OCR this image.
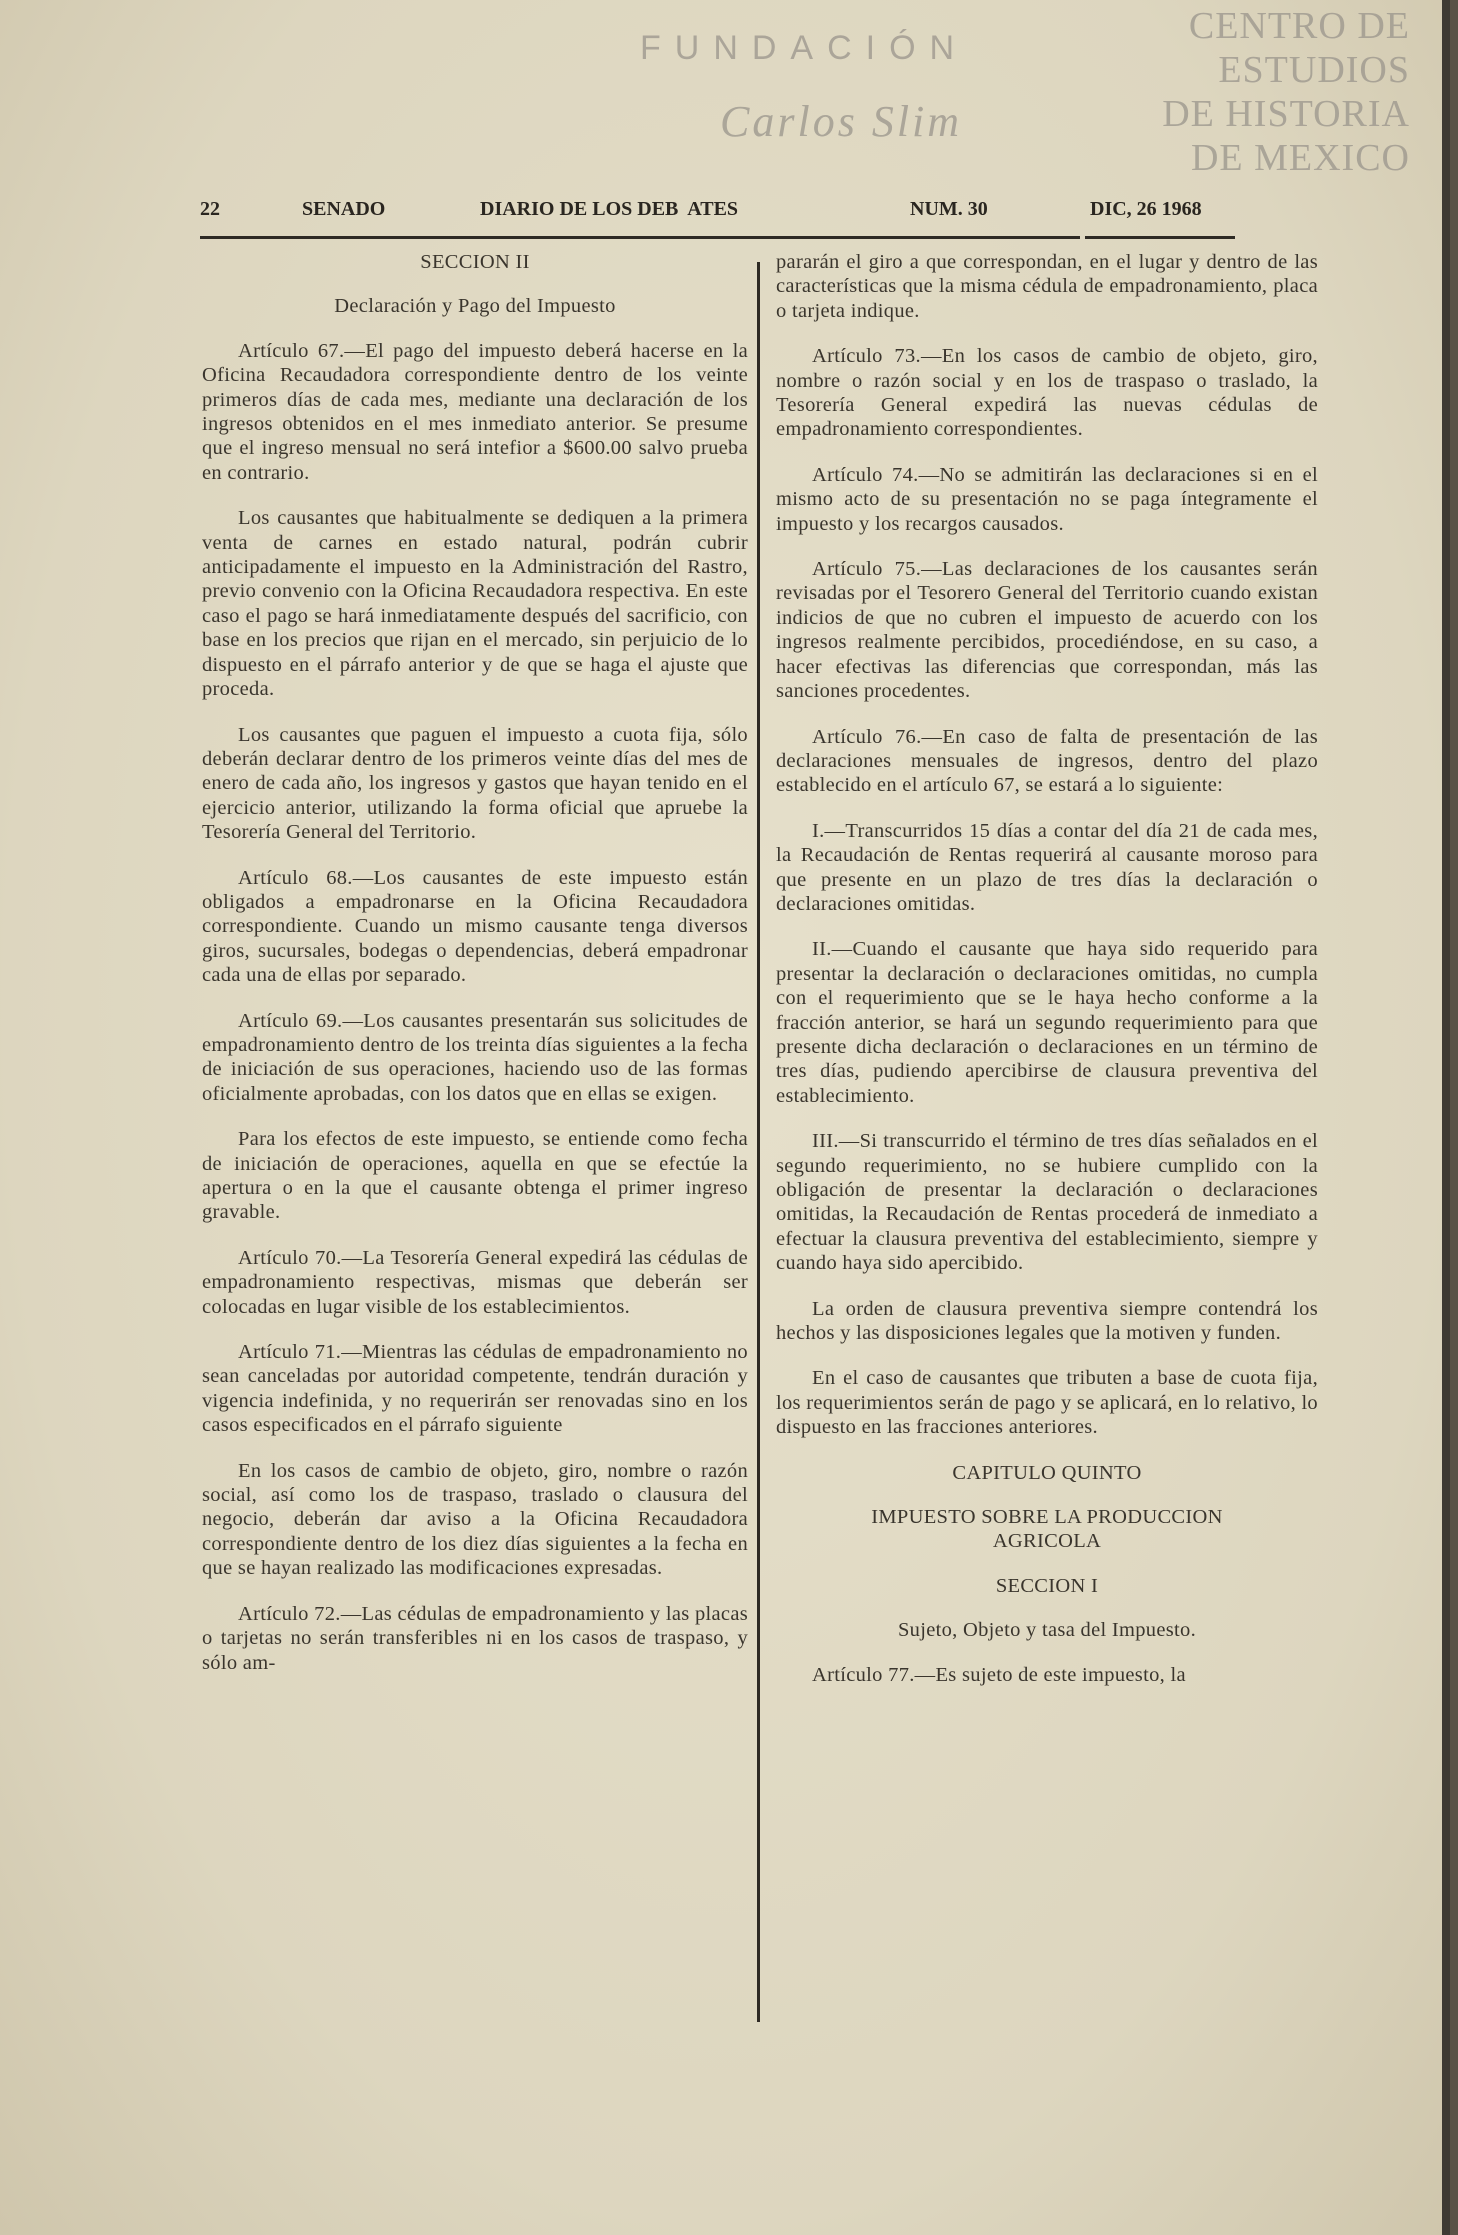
CENTRO DE
ESTUDIOS
DE HISTORIA
DE MEXICO
FUNDACIÓN
Carlos Slim
22	SENADO	DIARIO DE LOS DEB  ATES	NUM. 30	DIC, 26 1968

SECCION II

Declaración y Pago del Impuesto

Artículo 67.—El pago del impuesto deberá hacerse en la Oficina Recaudadora correspondiente dentro de los veinte primeros días de cada mes, mediante una declaración de los ingresos obtenidos en el mes inmediato anterior. Se presume que el ingreso mensual no será intefior a $600.00 salvo prueba en contrario.

Los causantes que habitualmente se dediquen a la primera venta de carnes en estado natural, podrán cubrir anticipadamente el impuesto en la Administración del Rastro, previo convenio con la Oficina Recaudadora respectiva. En este caso el pago se hará inmediatamente después del sacrificio, con base en los precios que rijan en el mercado, sin perjuicio de lo dispuesto en el párrafo anterior y de que se haga el ajuste que proceda.

Los causantes que paguen el impuesto a cuota fija, sólo deberán declarar dentro de los primeros veinte días del mes de enero de cada año, los ingresos y gastos que hayan tenido en el ejercicio anterior, utilizando la forma oficial que apruebe la Tesorería General del Territorio.

Artículo 68.—Los causantes de este impuesto están obligados a empadronarse en la Oficina Recaudadora correspondiente. Cuando un mismo causante tenga diversos giros, sucursales, bodegas o dependencias, deberá empadronar cada una de ellas por separado.

Artículo 69.—Los causantes presentarán sus solicitudes de empadronamiento dentro de los treinta días siguientes a la fecha de iniciación de sus operaciones, haciendo uso de las formas oficialmente aprobadas, con los datos que en ellas se exigen.

Para los efectos de este impuesto, se entiende como fecha de iniciación de operaciones, aquella en que se efectúe la apertura o en la que el causante obtenga el primer ingreso gravable.

Artículo 70.—La Tesorería General expedirá las cédulas de empadronamiento respectivas, mismas que deberán ser colocadas en lugar visible de los establecimientos.

Artículo 71.—Mientras las cédulas de empadronamiento no sean canceladas por autoridad competente, tendrán duración y vigencia indefinida, y no requerirán ser renovadas sino en los casos especificados en el párrafo siguiente

En los casos de cambio de objeto, giro, nombre o razón social, así como los de traspaso, traslado o clausura del negocio, deberán dar aviso a la Oficina Recaudadora correspondiente dentro de los diez días siguientes a la fecha en que se hayan realizado las modificaciones expresadas.

Artículo 72.—Las cédulas de empadronamiento y las placas o tarjetas no serán transferibles ni en los casos de traspaso, y sólo am-

pararán el giro a que correspondan, en el lugar y dentro de las características que la misma cédula de empadronamiento, placa o tarjeta indique.

Artículo 73.—En los casos de cambio de objeto, giro, nombre o razón social y en los de traspaso o traslado, la Tesorería General expedirá las nuevas cédulas de empadronamiento correspondientes.

Artículo 74.—No se admitirán las declaraciones si en el mismo acto de su presentación no se paga íntegramente el impuesto y los recargos causados.

Artículo 75.—Las declaraciones de los causantes serán revisadas por el Tesorero General del Territorio cuando existan indicios de que no cubren el impuesto de acuerdo con los ingresos realmente percibidos, procediéndose, en su caso, a hacer efectivas las diferencias que correspondan, más las sanciones procedentes.

Artículo 76.—En caso de falta de presentación de las declaraciones mensuales de ingresos, dentro del plazo establecido en el artículo 67, se estará a lo siguiente:

I.—Transcurridos 15 días a contar del día 21 de cada mes, la Recaudación de Rentas requerirá al causante moroso para que presente en un plazo de tres días la declaración o declaraciones omitidas.

II.—Cuando el causante que haya sido requerido para presentar la declaración o declaraciones omitidas, no cumpla con el requerimiento que se le haya hecho conforme a la fracción anterior, se hará un segundo requerimiento para que presente dicha declaración o declaraciones en un término de tres días, pudiendo apercibirse de clausura preventiva del establecimiento.

III.—Si transcurrido el término de tres días señalados en el segundo requerimiento, no se hubiere cumplido con la obligación de presentar la declaración o declaraciones omitidas, la Recaudación de Rentas procederá de inmediato a efectuar la clausura preventiva del establecimiento, siempre y cuando haya sido apercibido.

La orden de clausura preventiva siempre contendrá los hechos y las disposiciones legales que la motiven y funden.

En el caso de causantes que tributen a base de cuota fija, los requerimientos serán de pago y se aplicará, en lo relativo, lo dispuesto en las fracciones anteriores.

CAPITULO QUINTO

IMPUESTO SOBRE LA PRODUCCION AGRICOLA

SECCION I

Sujeto, Objeto y tasa del Impuesto.

Artículo 77.—Es sujeto de este impuesto, la
